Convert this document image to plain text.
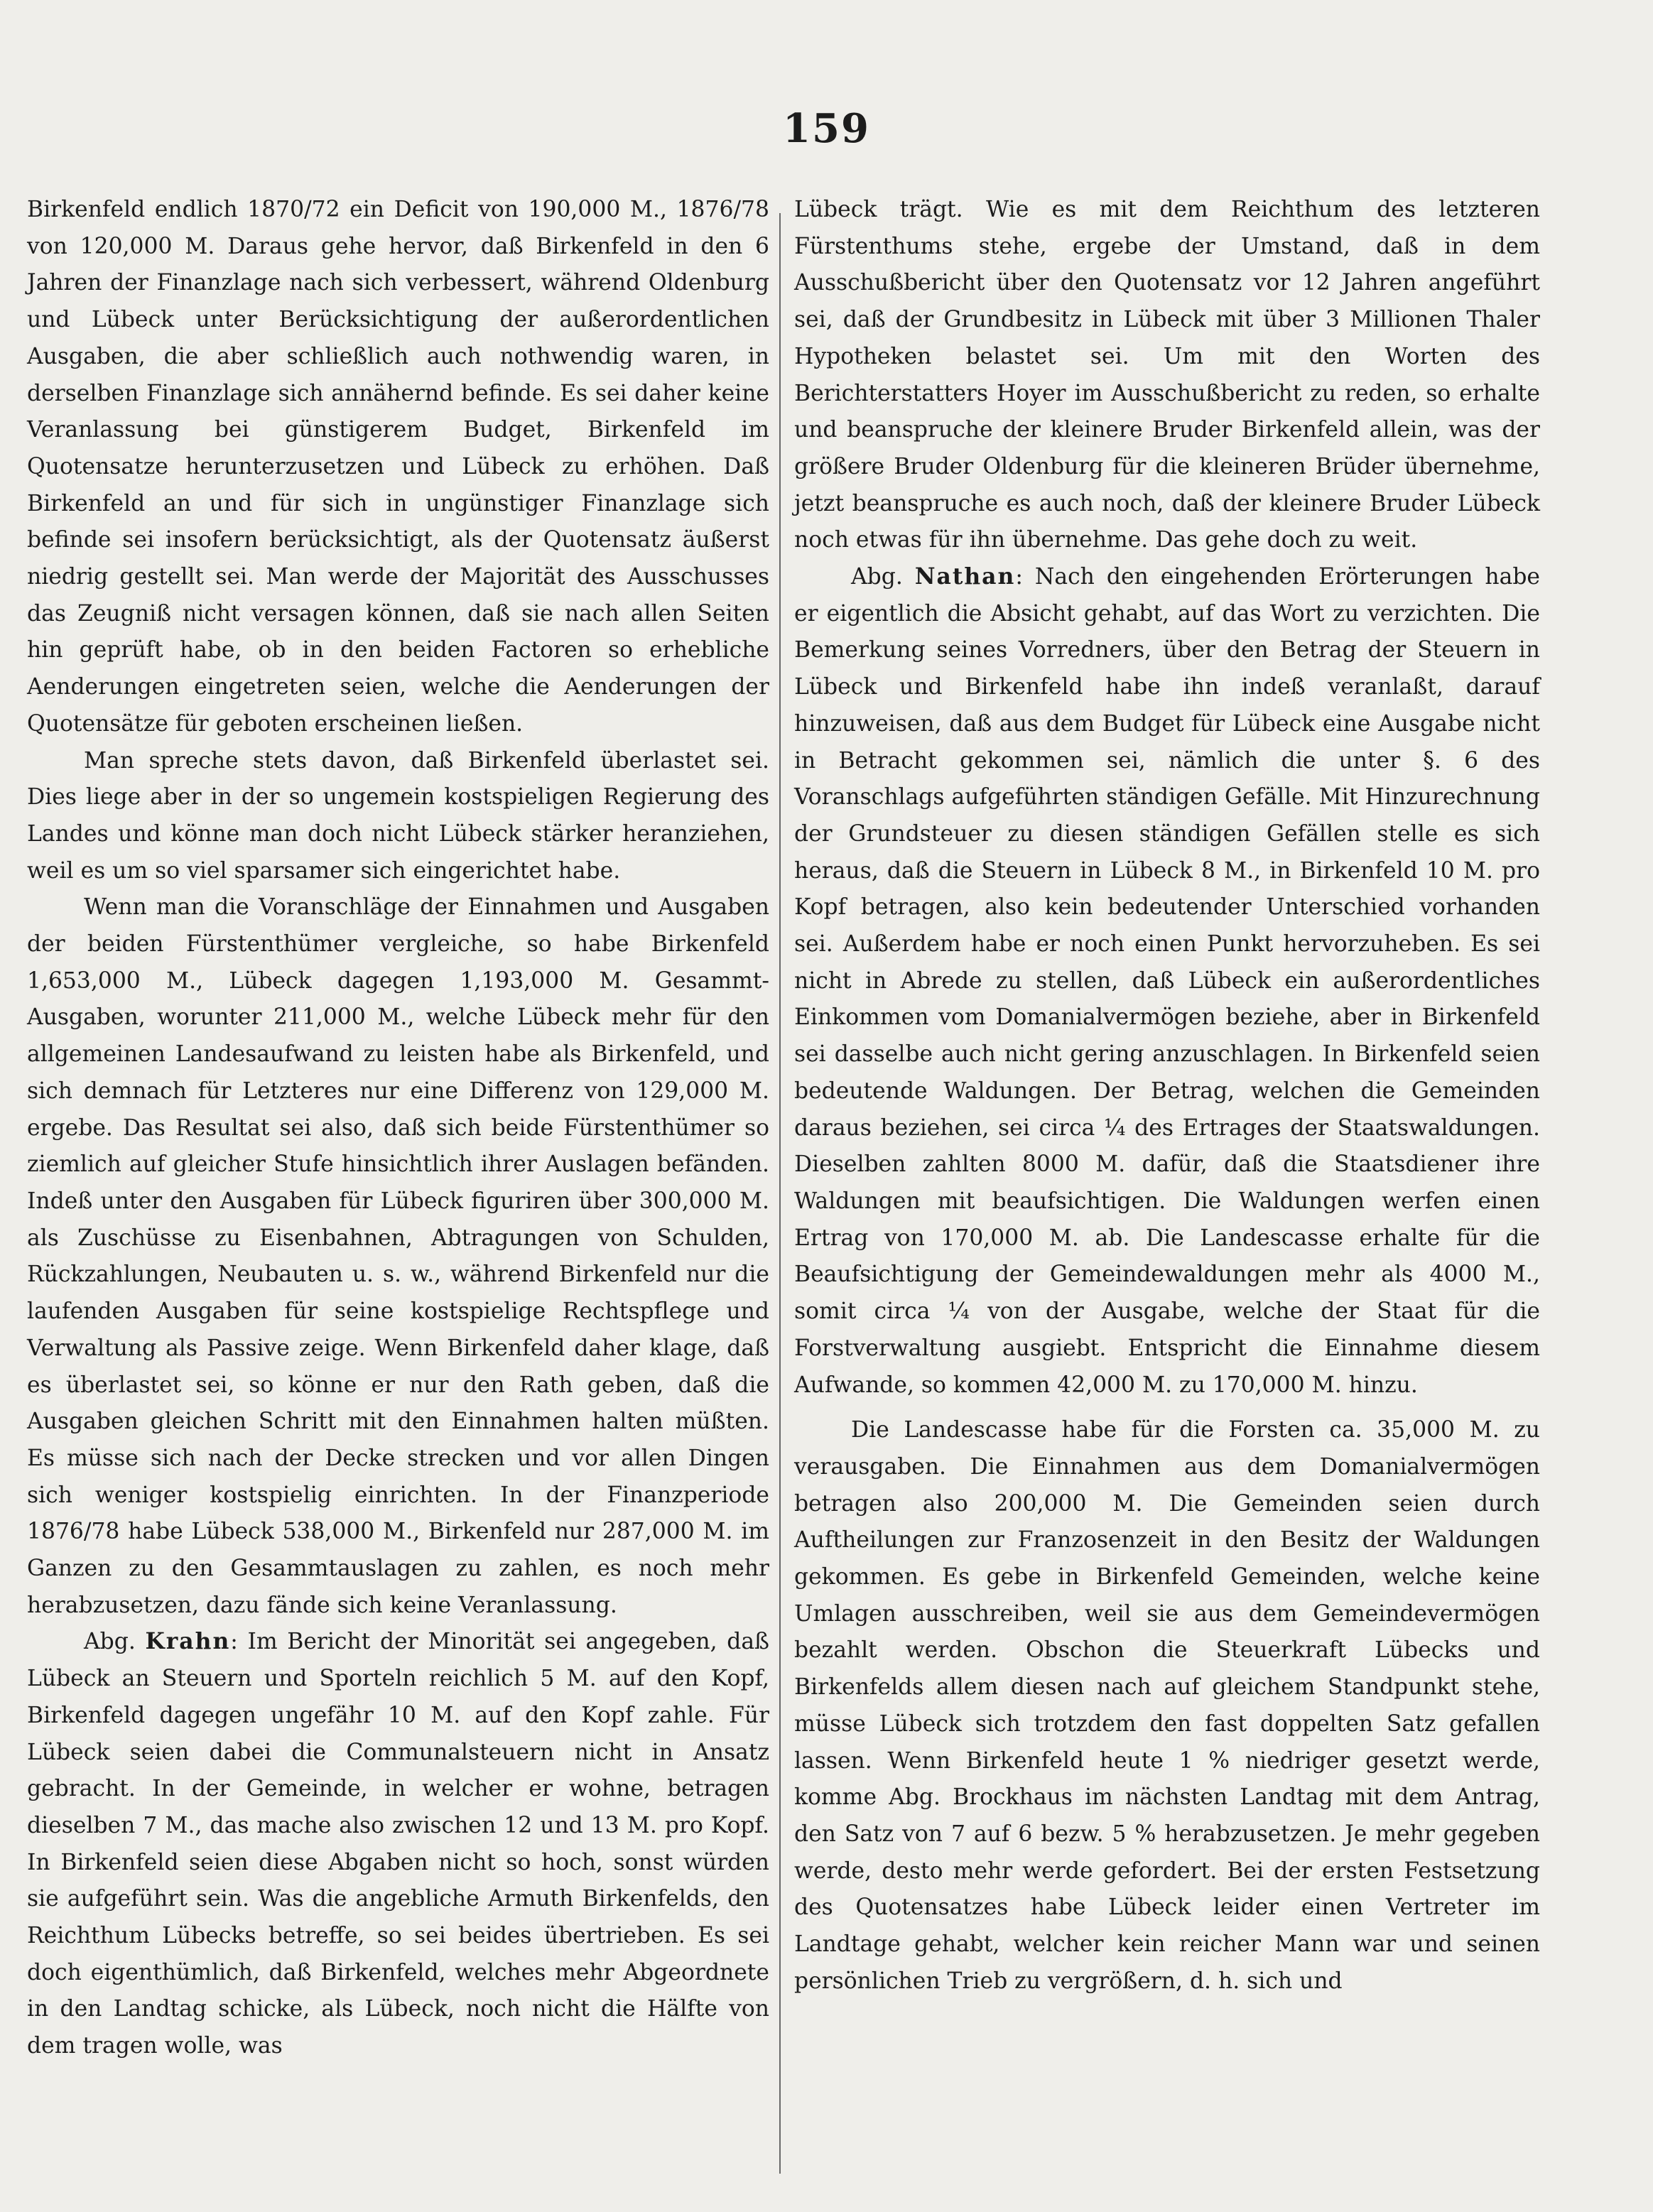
159

Birkenfeld endlich 1870/72 ein Deficit von 190,000 M., 1876/78 von 120,000 M. Daraus gehe hervor, daß Birkenfeld in den 6 Jahren der Finanzlage nach sich verbessert, während Oldenburg und Lübeck unter Berücksichtigung der außerordentlichen Ausgaben, die aber schließlich auch nothwendig waren, in derselben Finanzlage sich annähernd befinde. Es sei daher keine Veranlassung bei günstigerem Budget, Birkenfeld im Quotensatze herunterzusetzen und Lübeck zu erhöhen. Daß Birkenfeld an und für sich in ungünstiger Finanzlage sich befinde sei insofern berücksichtigt, als der Quotensatz äußerst niedrig gestellt sei. Man werde der Majorität des Ausschusses das Zeugniß nicht versagen können, daß sie nach allen Seiten hin geprüft habe, ob in den beiden Factoren so erhebliche Aenderungen eingetreten seien, welche die Aenderungen der Quotensätze für geboten erscheinen ließen.

Man spreche stets davon, daß Birkenfeld überlastet sei. Dies liege aber in der so ungemein kostspieligen Regierung des Landes und könne man doch nicht Lübeck stärker heranziehen, weil es um so viel sparsamer sich eingerichtet habe.

Wenn man die Voranschläge der Einnahmen und Ausgaben der beiden Fürstenthümer vergleiche, so habe Birkenfeld 1,653,000 M., Lübeck dagegen 1,193,000 M. Gesammt-Ausgaben, worunter 211,000 M., welche Lübeck mehr für den allgemeinen Landesaufwand zu leisten habe als Birkenfeld, und sich demnach für Letzteres nur eine Differenz von 129,000 M. ergebe. Das Resultat sei also, daß sich beide Fürstenthümer so ziemlich auf gleicher Stufe hinsichtlich ihrer Auslagen befänden. Indeß unter den Ausgaben für Lübeck figuriren über 300,000 M. als Zuschüsse zu Eisenbahnen, Abtragungen von Schulden, Rückzahlungen, Neubauten u. s. w., während Birkenfeld nur die laufenden Ausgaben für seine kostspielige Rechtspflege und Verwaltung als Passive zeige. Wenn Birkenfeld daher klage, daß es überlastet sei, so könne er nur den Rath geben, daß die Ausgaben gleichen Schritt mit den Einnahmen halten müßten. Es müsse sich nach der Decke strecken und vor allen Dingen sich weniger kostspielig einrichten. In der Finanzperiode 1876/78 habe Lübeck 538,000 M., Birkenfeld nur 287,000 M. im Ganzen zu den Gesammtauslagen zu zahlen, es noch mehr herabzusetzen, dazu fände sich keine Veranlassung.

Abg. Krahn: Im Bericht der Minorität sei angegeben, daß Lübeck an Steuern und Sporteln reichlich 5 M. auf den Kopf, Birkenfeld dagegen ungefähr 10 M. auf den Kopf zahle. Für Lübeck seien dabei die Communalsteuern nicht in Ansatz gebracht. In der Gemeinde, in welcher er wohne, betragen dieselben 7 M., das mache also zwischen 12 und 13 M. pro Kopf. In Birkenfeld seien diese Abgaben nicht so hoch, sonst würden sie aufgeführt sein. Was die angebliche Armuth Birkenfelds, den Reichthum Lübecks betreffe, so sei beides übertrieben. Es sei doch eigenthümlich, daß Birkenfeld, welches mehr Abgeordnete in den Landtag schicke, als Lübeck, noch nicht die Hälfte von dem tragen wolle, was

Lübeck trägt. Wie es mit dem Reichthum des letzteren Fürstenthums stehe, ergebe der Umstand, daß in dem Ausschußbericht über den Quotensatz vor 12 Jahren angeführt sei, daß der Grundbesitz in Lübeck mit über 3 Millionen Thaler Hypotheken belastet sei. Um mit den Worten des Berichterstatters Hoyer im Ausschußbericht zu reden, so erhalte und beanspruche der kleinere Bruder Birkenfeld allein, was der größere Bruder Oldenburg für die kleineren Brüder übernehme, jetzt beanspruche es auch noch, daß der kleinere Bruder Lübeck noch etwas für ihn übernehme. Das gehe doch zu weit.

Abg. Nathan: Nach den eingehenden Erörterungen habe er eigentlich die Absicht gehabt, auf das Wort zu verzichten. Die Bemerkung seines Vorredners, über den Betrag der Steuern in Lübeck und Birkenfeld habe ihn indeß veranlaßt, darauf hinzuweisen, daß aus dem Budget für Lübeck eine Ausgabe nicht in Betracht gekommen sei, nämlich die unter §. 6 des Voranschlags aufgeführten ständigen Gefälle. Mit Hinzurechnung der Grundsteuer zu diesen ständigen Gefällen stelle es sich heraus, daß die Steuern in Lübeck 8 M., in Birkenfeld 10 M. pro Kopf betragen, also kein bedeutender Unterschied vorhanden sei. Außerdem habe er noch einen Punkt hervorzuheben. Es sei nicht in Abrede zu stellen, daß Lübeck ein außerordentliches Einkommen vom Domanialvermögen beziehe, aber in Birkenfeld sei dasselbe auch nicht gering anzuschlagen. In Birkenfeld seien bedeutende Waldungen. Der Betrag, welchen die Gemeinden daraus beziehen, sei circa ¼ des Ertrages der Staatswaldungen. Dieselben zahlten 8000 M. dafür, daß die Staatsdiener ihre Waldungen mit beaufsichtigen. Die Waldungen werfen einen Ertrag von 170,000 M. ab. Die Landescasse erhalte für die Beaufsichtigung der Gemeindewaldungen mehr als 4000 M., somit circa ¼ von der Ausgabe, welche der Staat für die Forstverwaltung ausgiebt. Entspricht die Einnahme diesem Aufwande, so kommen 42,000 M. zu 170,000 M. hinzu.

Die Landescasse habe für die Forsten ca. 35,000 M. zu verausgaben. Die Einnahmen aus dem Domanialvermögen betragen also 200,000 M. Die Gemeinden seien durch Auftheilungen zur Franzosenzeit in den Besitz der Waldungen gekommen. Es gebe in Birkenfeld Gemeinden, welche keine Umlagen ausschreiben, weil sie aus dem Gemeindevermögen bezahlt werden. Obschon die Steuerkraft Lübecks und Birkenfelds allem diesen nach auf gleichem Standpunkt stehe, müsse Lübeck sich trotzdem den fast doppelten Satz gefallen lassen. Wenn Birkenfeld heute 1 % niedriger gesetzt werde, komme Abg. Brockhaus im nächsten Landtag mit dem Antrag, den Satz von 7 auf 6 bezw. 5 % herabzusetzen. Je mehr gegeben werde, desto mehr werde gefordert. Bei der ersten Festsetzung des Quotensatzes habe Lübeck leider einen Vertreter im Landtage gehabt, welcher kein reicher Mann war und seinen persönlichen Trieb zu vergrößern, d. h. sich und
